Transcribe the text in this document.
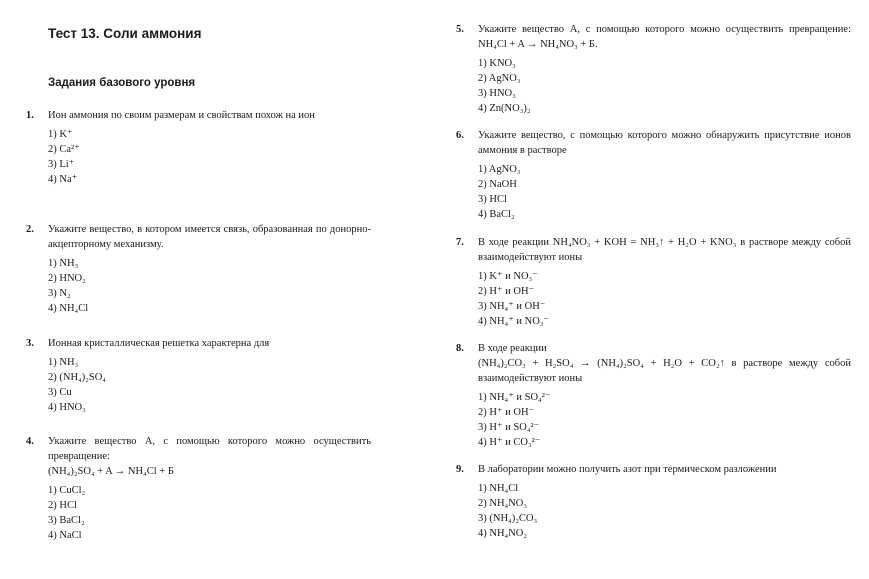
Тест 13. Соли аммония
Задания базового уровня
1.	Ион аммония по своим размерам и свойствам похож на ион
1) K⁺
2) Ca²⁺
3) Li⁺
4) Na⁺
2.	Укажите вещество, в котором имеется связь, образованная по донорно-акцепторному механизму.
1) NH₃
2) HNO₂
3) N₂
4) NH₄Cl
3.	Ионная кристаллическая решетка характерна для
1) NH₃
2) (NH₄)₂SO₄
3) Cu
4) HNO₃
4.	Укажите вещество А, с помощью которого можно осуществить превращение:
(NH₄)₂SO₄ + A → NH₄Cl + Б
1) CuCl₂
2) HCl
3) BaCl₂
4) NaCl
5.	Укажите вещество А, с помощью которого можно осуществить превращение: NH₄Cl + A → NH₄NO₃ + Б.
1) KNO₃
2) AgNO₃
3) HNO₃
4) Zn(NO₃)₂
6.	Укажите вещество, с помощью которого можно обнаружить присутствие ионов аммония в растворе
1) AgNO₃
2) NaOH
3) HCl
4) BaCl₂
7.	В ходе реакции NH₄NO₃ + KOH = NH₃↑ + H₂O + KNO₃ в растворе между собой взаимодействуют ионы
1) K⁺ и NO₃⁻
2) H⁺ и OH⁻
3) NH₄⁺ и OH⁻
4) NH₄⁺ и NO₃⁻
8.	В ходе реакции
(NH₄)₂CO₃ + H₂SO₄ → (NH₄)₂SO₄ + H₂O + CO₂↑ в растворе между собой взаимодействуют ионы
1) NH₄⁺ и SO₄²⁻
2) H⁺ и OH⁻
3) H⁺ и SO₄²⁻
4) H⁺ и CO₃²⁻
9.	В лаборатории можно получить азот при термическом разложении
1) NH₄Cl
2) NH₄NO₃
3) (NH₄)₂CO₃
4) NH₄NO₂
